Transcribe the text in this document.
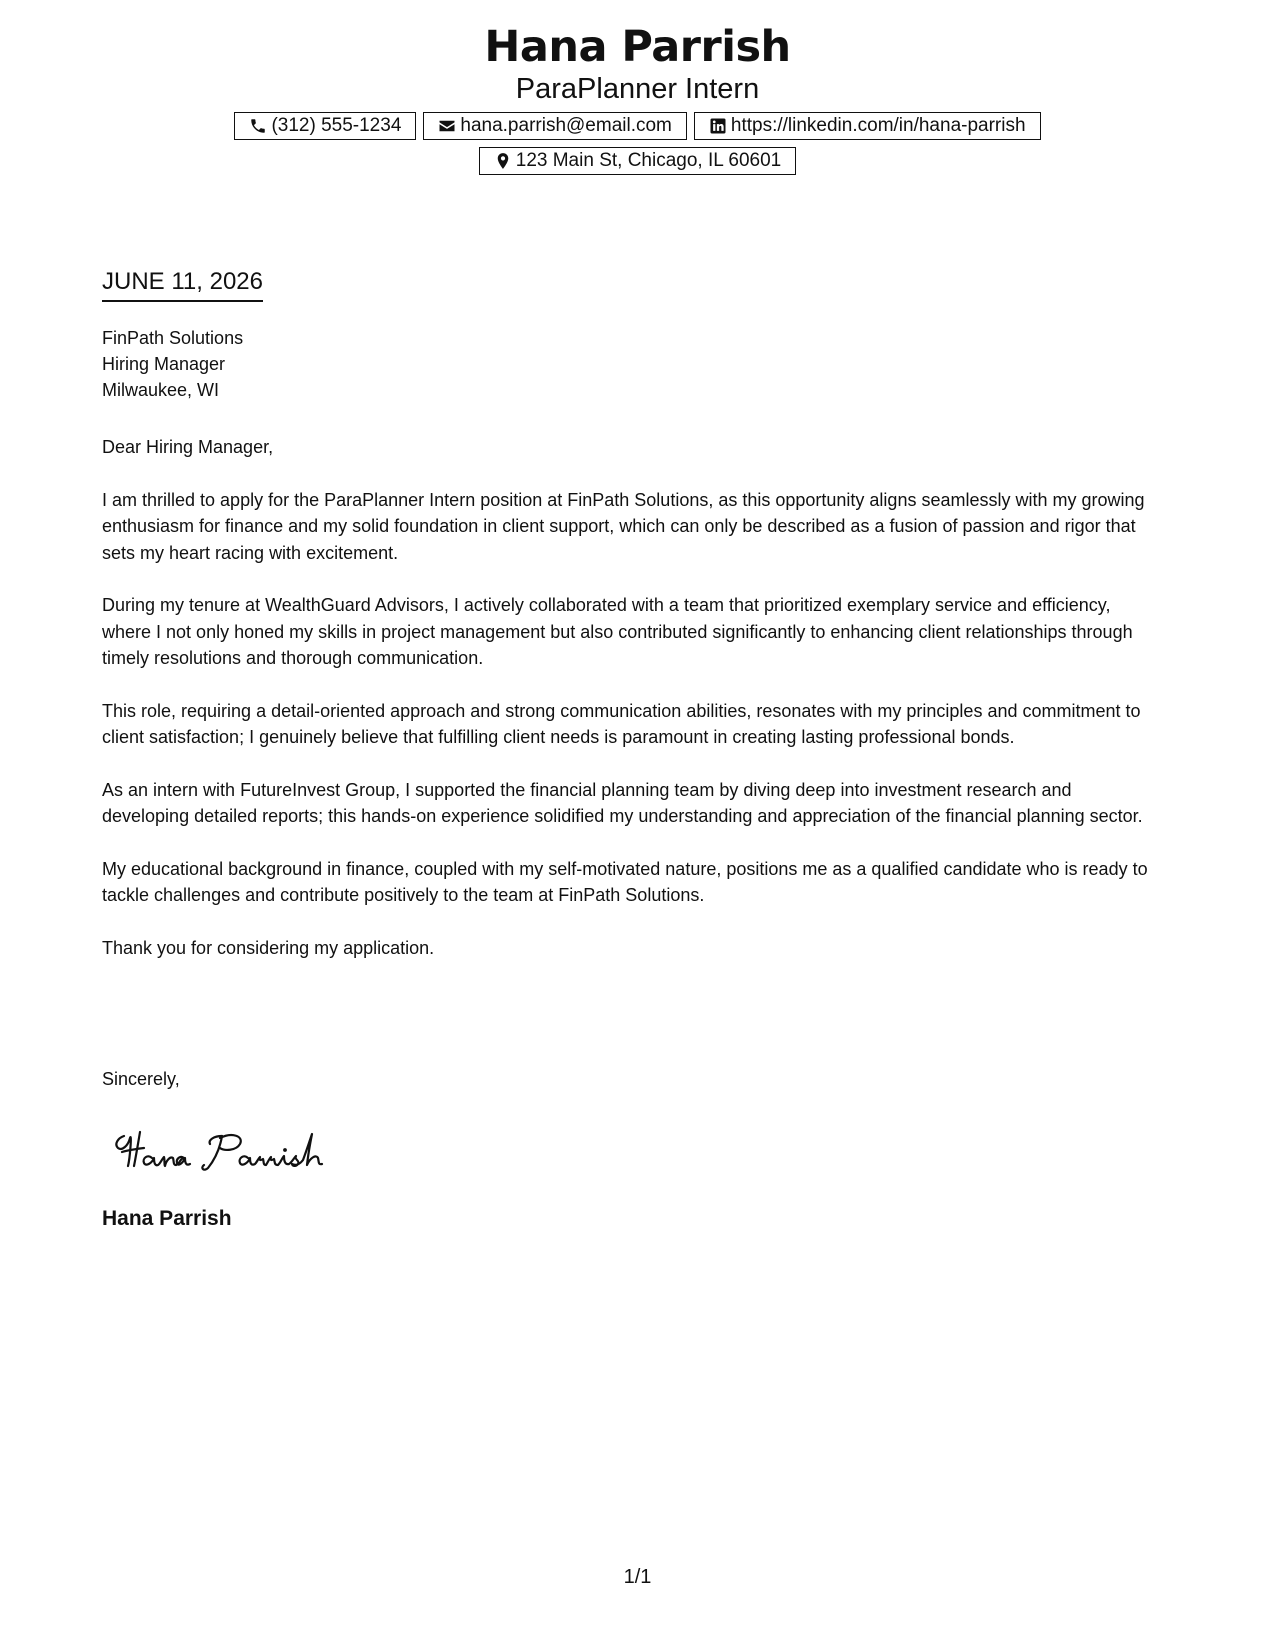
Hana Parrish
ParaPlanner Intern
(312) 555-1234	hana.parrish@email.com	https://linkedin.com/in/hana-parrish
123 Main St, Chicago, IL 60601
JUNE 11, 2026
FinPath Solutions
Hiring Manager
Milwaukee, WI

Dear Hiring Manager,

I am thrilled to apply for the ParaPlanner Intern position at FinPath Solutions, as this opportunity aligns seamlessly with my growing enthusiasm for finance and my solid foundation in client support, which can only be described as a fusion of passion and rigor that sets my heart racing with excitement.

During my tenure at WealthGuard Advisors, I actively collaborated with a team that prioritized exemplary service and efficiency, where I not only honed my skills in project management but also contributed significantly to enhancing client relationships through timely resolutions and thorough communication.

This role, requiring a detail-oriented approach and strong communication abilities, resonates with my principles and commitment to client satisfaction; I genuinely believe that fulfilling client needs is paramount in creating lasting professional bonds.

As an intern with FutureInvest Group, I supported the financial planning team by diving deep into investment research and developing detailed reports; this hands-on experience solidified my understanding and appreciation of the financial planning sector.

My educational background in finance, coupled with my self-motivated nature, positions me as a qualified candidate who is ready to tackle challenges and contribute positively to the team at FinPath Solutions.

Thank you for considering my application.

Sincerely,
Hana Parrish
1/1
